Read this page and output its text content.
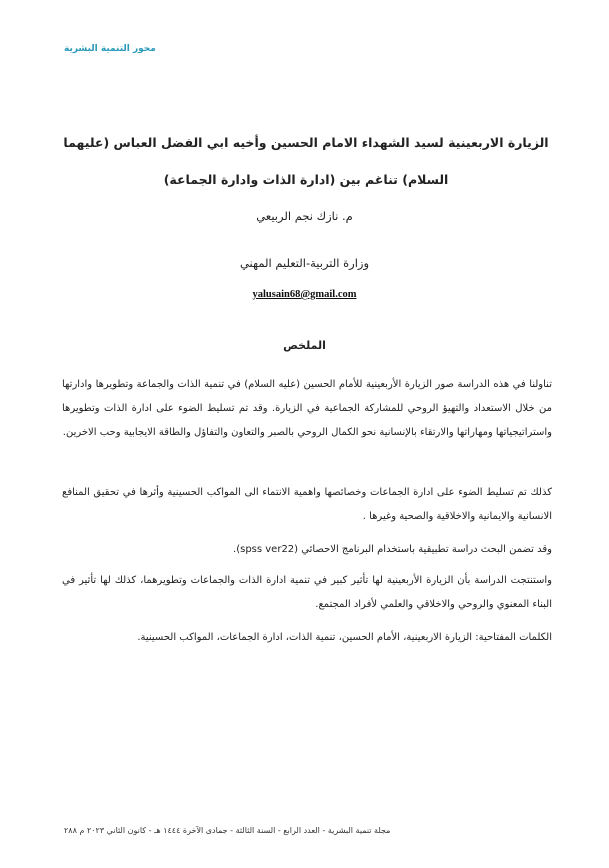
محور التنمية البشرية
الزيارة الاربعينية لسيد الشهداء الامام الحسين وأخيه ابي الفضل العباس (عليهما السلام) تناغم بين (ادارة الذات وادارة الجماعة)
م. نازك نجم الربيعي
وزارة التربية-التعليم المهني
yalusain68@gmail.com
الملخص

تناولنا في هذه الدراسة صور الزيارة الأربعينية للأمام الحسين (عليه السلام) في تنمية الذات والجماعة وتطويرها وادارتها من خلال الاستعداد والتهيؤ الروحي للمشاركة الجماعية في الزيارة. وقد تم تسليط الضوء على ادارة الذات وتطويرها واستراتيجياتها ومهاراتها والارتقاء بالإنسانية نحو الكمال الروحي بالصبر والتعاون والتفاؤل والطاقة الايجابية وحب الاخرين.

كذلك تم تسليط الضوء على ادارة الجماعات وخصائصها واهمية الانتماء الى المواكب الحسينية وأثرها في تحقيق المنافع الانسانية والايمانية والاخلاقية والصحية وغيرها .

وقد تضمن البحث دراسة تطبيقية باستخدام البرنامج الاحصائي (spss ver22).

واستنتجت الدراسة بأن الزيارة الأربعينية لها تأثير كبير في تنمية ادارة الذات والجماعات وتطويرهما، كذلك لها تأثير في البناء المعنوي والروحي والاخلاقي والعلمي لأفراد المجتمع.

الكلمات المفتاحية: الزيارة الاربعينية، الأمام الحسين، تنمية الذات، ادارة الجماعات، المواكب الحسينية.

مجلة تنمية البشرية - العدد الرابع - السنة الثالثة - جمادى الآخرة ١٤٤٤ هـ - كانون الثاني ٢٠٢٣ م ٢٨٨
